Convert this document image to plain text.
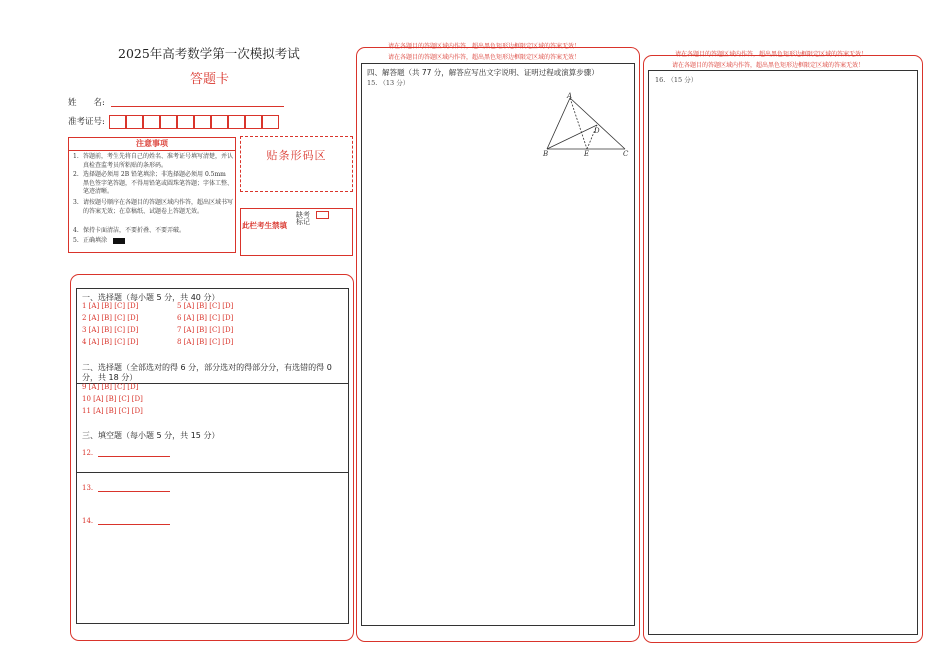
2025年高考数学第一次模拟考试
答题卡
姓　　名:
准考证号:
注意事项
1. 答题前，考生先将自己的姓名、准考证号填写清楚，并认真检查监考员所粘贴的条形码。
2. 选择题必须用 2B 铅笔填涂；非选择题必须用 0.5mm 黑色签字笔答题，不得用铅笔或圆珠笔答题；字体工整、笔迹清晰。
3. 请按题号顺序在各题目的答题区域内作答，超出区域书写的答案无效；在草稿纸、试题卷上答题无效。
4. 保持卡面清洁，不要折叠、不要弄破。
5. 正确填涂
贴条形码区
此栏考生禁填
缺考标记
一、选择题（每小题 5 分，共 40 分）
1 [A] [B] [C] [D]	5 [A] [B] [C] [D]
2 [A] [B] [C] [D]	6 [A] [B] [C] [D]
3 [A] [B] [C] [D]	7 [A] [B] [C] [D]
4 [A] [B] [C] [D]	8 [A] [B] [C] [D]
二、选择题（全部选对的得 6 分，部分选对的得部分分，有选错的得 0 分，共 18 分）
9 [A] [B] [C] [D]
10 [A] [B] [C] [D]
11 [A] [B] [C] [D]
三、填空题（每小题 5 分，共 15 分）
12.
13.
14.
请在各题目的答题区域内作答，超出黑色矩形边框限定区域的答案无效！
请在各题目的答题区域内作答，超出黑色矩形边框限定区域的答案无效！
四、解答题（共 77 分，解答应写出文字说明、证明过程或演算步骤）
15. （13 分）
A
B	C
D
E
请在各题目的答题区域内作答，超出黑色矩形边框限定区域的答案无效！
请在各题目的答题区域内作答，超出黑色矩形边框限定区域的答案无效！
16. （15 分）
